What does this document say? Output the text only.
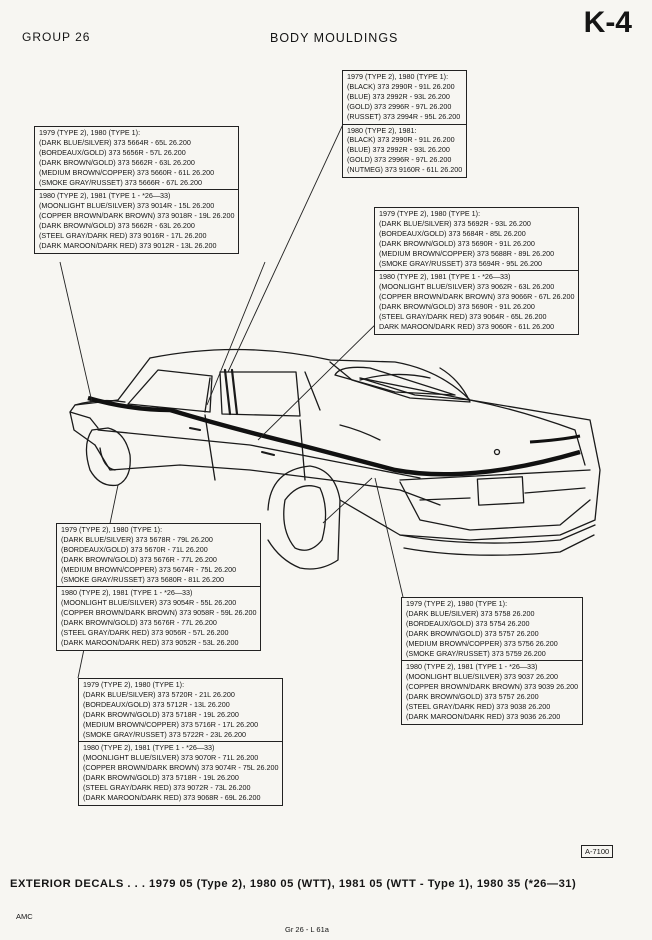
GROUP 26	BODY MOULDINGS	K-4
1979 (TYPE 2), 1980 (TYPE 1):
(BLACK) 373 2990R - 91L 26.200
(BLUE) 373 2992R - 93L 26.200
(GOLD) 373 2996R - 97L 26.200
(RUSSET) 373 2994R - 95L 26.200
1980 (TYPE 2), 1981:
(BLACK) 373 2990R - 91L 26.200
(BLUE) 373 2992R - 93L 26.200
(GOLD) 373 2996R - 97L 26.200
(NUTMEG) 373 9160R - 61L 26.200
1979 (TYPE 2), 1980 (TYPE 1):
(DARK BLUE/SILVER) 373 5664R - 65L 26.200
(BORDEAUX/GOLD) 373 5656R - 57L 26.200
(DARK BROWN/GOLD) 373 5662R - 63L 26.200
(MEDIUM BROWN/COPPER) 373 5660R - 61L 26.200
(SMOKE GRAY/RUSSET) 373 5666R - 67L 26.200
1980 (TYPE 2), 1981 (TYPE 1 - *26—33)
(MOONLIGHT BLUE/SILVER) 373 9014R - 15L 26.200
(COPPER BROWN/DARK BROWN) 373 9018R - 19L 26.200
(DARK BROWN/GOLD) 373 5662R - 63L 26.200
(STEEL GRAY/DARK RED) 373 9016R - 17L 26.200
(DARK MAROON/DARK RED) 373 9012R - 13L 26.200
1979 (TYPE 2), 1980 (TYPE 1):
(DARK BLUE/SILVER) 373 5692R - 93L 26.200
(BORDEAUX/GOLD) 373 5684R - 85L 26.200
(DARK BROWN/GOLD) 373 5690R - 91L 26.200
(MEDIUM BROWN/COPPER) 373 5688R - 89L 26.200
(SMOKE GRAY/RUSSET) 373 5694R - 95L 26.200
1980 (TYPE 2), 1981 (TYPE 1 - *26—33)
(MOONLIGHT BLUE/SILVER) 373 9062R - 63L 26.200
(COPPER BROWN/DARK BROWN) 373 9066R - 67L 26.200
(DARK BROWN/GOLD) 373 5690R - 91L 26.200
(STEEL GRAY/DARK RED) 373 9064R - 65L 26.200
DARK MAROON/DARK RED) 373 9060R - 61L 26.200
1979 (TYPE 2), 1980 (TYPE 1):
(DARK BLUE/SILVER) 373 5678R - 79L 26.200
(BORDEAUX/GOLD) 373 5670R - 71L 26.200
(DARK BROWN/GOLD) 373 5676R - 77L 26.200
(MEDIUM BROWN/COPPER) 373 5674R - 75L 26.200
(SMOKE GRAY/RUSSET) 373 5680R - 81L 26.200
1980 (TYPE 2), 1981 (TYPE 1 - *26—33)
(MOONLIGHT BLUE/SILVER) 373 9054R - 55L 26.200
(COPPER BROWN/DARK BROWN) 373 9058R - 59L 26.200
(DARK BROWN/GOLD) 373 5676R - 77L 26.200
(STEEL GRAY/DARK RED) 373 9056R - 57L 26.200
(DARK MAROON/DARK RED) 373 9052R - 53L 26.200
1979 (TYPE 2), 1980 (TYPE 1):
(DARK BLUE/SILVER) 373 5758 26.200
(BORDEAUX/GOLD) 373 5754 26.200
(DARK BROWN/GOLD) 373 5757 26.200
(MEDIUM BROWN/COPPER) 373 5756 26.200
(SMOKE GRAY/RUSSET) 373 5759 26.200
1980 (TYPE 2), 1981 (TYPE 1 - *26—33)
(MOONLIGHT BLUE/SILVER) 373 9037 26.200
(COPPER BROWN/DARK BROWN) 373 9039 26.200
(DARK BROWN/GOLD) 373 5757 26.200
(STEEL GRAY/DARK RED) 373 9038 26.200
(DARK MAROON/DARK RED) 373 9036 26.200
1979 (TYPE 2), 1980 (TYPE 1):
(DARK BLUE/SILVER) 373 5720R - 21L 26.200
(BORDEAUX/GOLD) 373 5712R - 13L 26.200
(DARK BROWN/GOLD) 373 5718R - 19L 26.200
(MEDIUM BROWN/COPPER) 373 5716R - 17L 26.200
(SMOKE GRAY/RUSSET) 373 5722R - 23L 26.200
1980 (TYPE 2), 1981 (TYPE 1 - *26—33)
(MOONLIGHT BLUE/SILVER) 373 9070R - 71L 26.200
(COPPER BROWN/DARK BROWN) 373 9074R - 75L 26.200
(DARK BROWN/GOLD) 373 5718R - 19L 26.200
(STEEL GRAY/DARK RED) 373 9072R - 73L 26.200
(DARK MAROON/DARK RED) 373 9068R - 69L 26.200
A-7100
EXTERIOR DECALS . . . 1979 05 (Type 2), 1980 05 (WTT), 1981 05 (WTT - Type 1), 1980 35 (*26—31)
AMC
Gr 26 - L 61a
